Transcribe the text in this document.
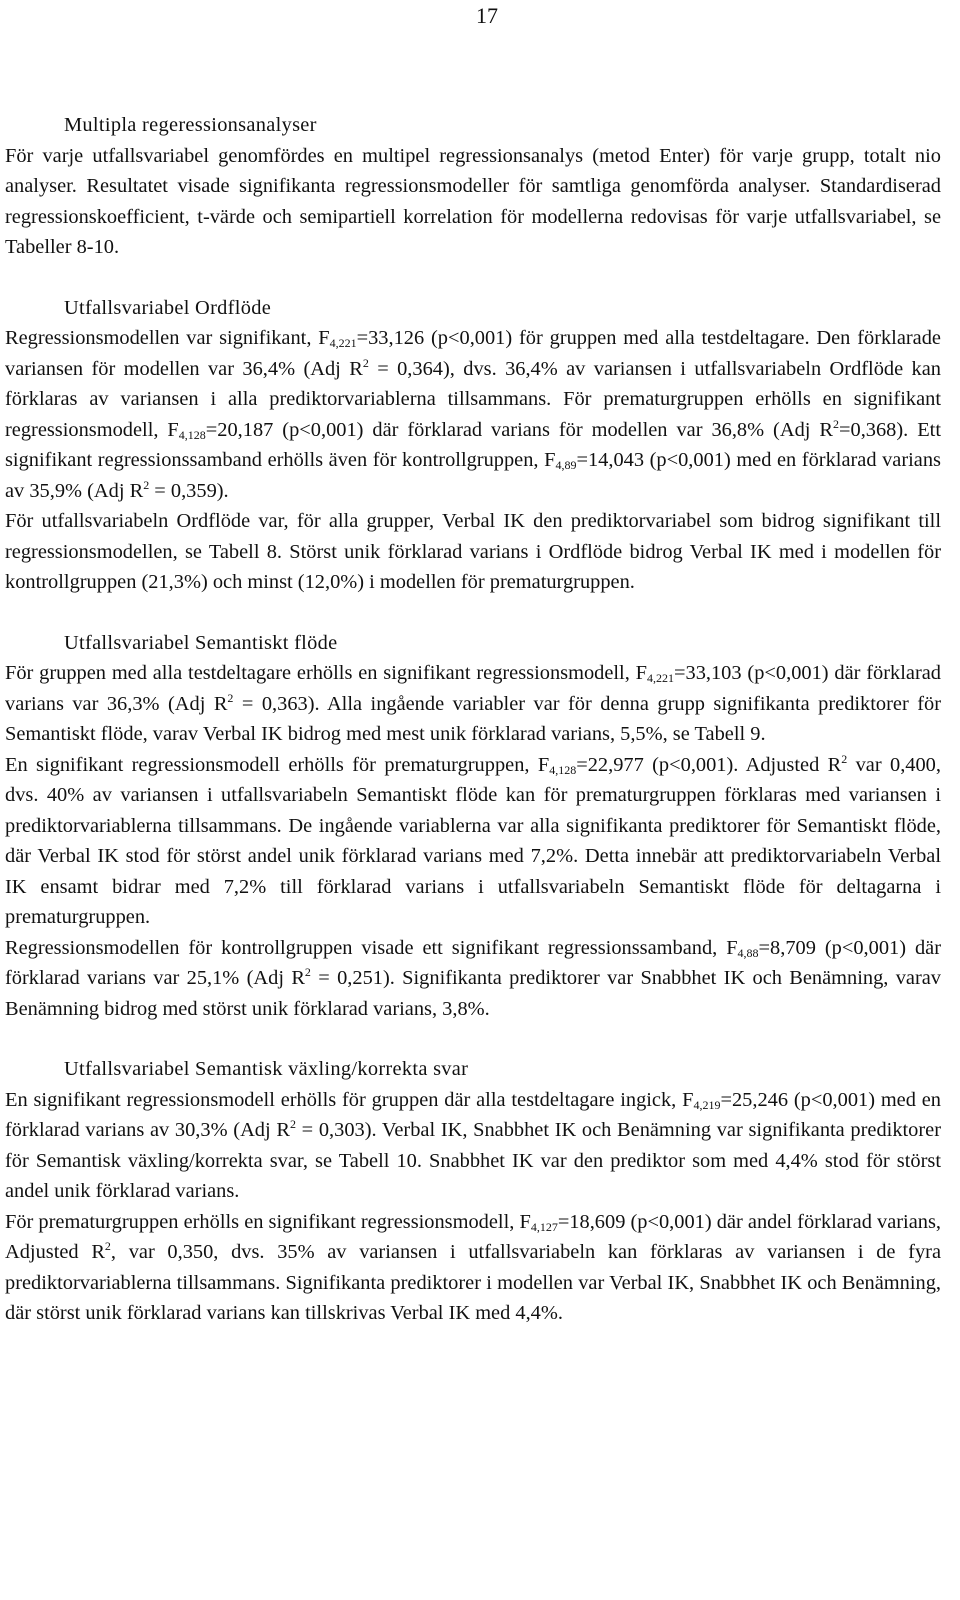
17
Multipla regeressionsanalyser

För varje utfallsvariabel genomfördes en multipel regressionsanalys (metod Enter) för varje grupp, totalt nio analyser. Resultatet visade signifikanta regressionsmodeller för samtliga genomförda analyser. Standardiserad regressionskoefficient, t-värde och semipartiell korrelation för modellerna redovisas för varje utfallsvariabel, se Tabeller 8-10.

Utfallsvariabel Ordflöde

Regressionsmodellen var signifikant, $F_{4,221}=33,126$ (p<0,001) för gruppen med alla testdeltagare. Den förklarade variansen för modellen var 36,4% (Adj $R^2 = 0,364$), dvs. 36,4% av variansen i utfallsvariabeln Ordflöde kan förklaras av variansen i alla prediktorvariablerna tillsammans. För prematurgruppen erhölls en signifikant regressionsmodell, $F_{4,128}=20,187$ (p<0,001) där förklarad varians för modellen var 36,8% (Adj $R^2=0,368$). Ett signifikant regressionssamband erhölls även för kontrollgruppen, $F_{4,89}=14,043$ (p<0,001) med en förklarad varians av 35,9% (Adj $R^2 = 0,359$).

För utfallsvariabeln Ordflöde var, för alla grupper, Verbal IK den prediktorvariabel som bidrog signifikant till regressionsmodellen, se Tabell 8. Störst unik förklarad varians i Ordflöde bidrog Verbal IK med i modellen för kontrollgruppen (21,3%) och minst (12,0%) i modellen för prematurgruppen.

Utfallsvariabel Semantiskt flöde

För gruppen med alla testdeltagare erhölls en signifikant regressionsmodell, $F_{4,221}=33,103$ (p<0,001) där förklarad varians var 36,3% (Adj $R^2 = 0,363$). Alla ingående variabler var för denna grupp signifikanta prediktorer för Semantiskt flöde, varav Verbal IK bidrog med mest unik förklarad varians, 5,5%, se Tabell 9.

En signifikant regressionsmodell erhölls för prematurgruppen, $F_{4,128}=22,977$ (p<0,001). Adjusted $R^2$ var 0,400, dvs. 40% av variansen i utfallsvariabeln Semantiskt flöde kan för prematurgruppen förklaras med variansen i prediktorvariablerna tillsammans. De ingående variablerna var alla signifikanta prediktorer för Semantiskt flöde, där Verbal IK stod för störst andel unik förklarad varians med 7,2%. Detta innebär att prediktorvariabeln Verbal IK ensamt bidrar med 7,2% till förklarad varians i utfallsvariabeln Semantiskt flöde för deltagarna i prematurgruppen.

Regressionsmodellen för kontrollgruppen visade ett signifikant regressionssamband, $F_{4,88}=8,709$ (p<0,001) där förklarad varians var 25,1% (Adj $R^2 = 0,251$). Signifikanta prediktorer var Snabbhet IK och Benämning, varav Benämning bidrog med störst unik förklarad varians, 3,8%.

Utfallsvariabel Semantisk växling/korrekta svar

En signifikant regressionsmodell erhölls för gruppen där alla testdeltagare ingick, $F_{4,219}=25,246$ (p<0,001) med en förklarad varians av 30,3% (Adj $R^2 = 0,303$). Verbal IK, Snabbhet IK och Benämning var signifikanta prediktorer för Semantisk växling/korrekta svar, se Tabell 10. Snabbhet IK var den prediktor som med 4,4% stod för störst andel unik förklarad varians.

För prematurgruppen erhölls en signifikant regressionsmodell, $F_{4,127}=18,609$ (p<0,001) där andel förklarad varians, Adjusted $R^2$, var 0,350, dvs. 35% av variansen i utfallsvariabeln kan förklaras av variansen i de fyra prediktorvariablerna tillsammans. Signifikanta prediktorer i modellen var Verbal IK, Snabbhet IK och Benämning, där störst unik förklarad varians kan tillskrivas Verbal IK med 4,4%.
